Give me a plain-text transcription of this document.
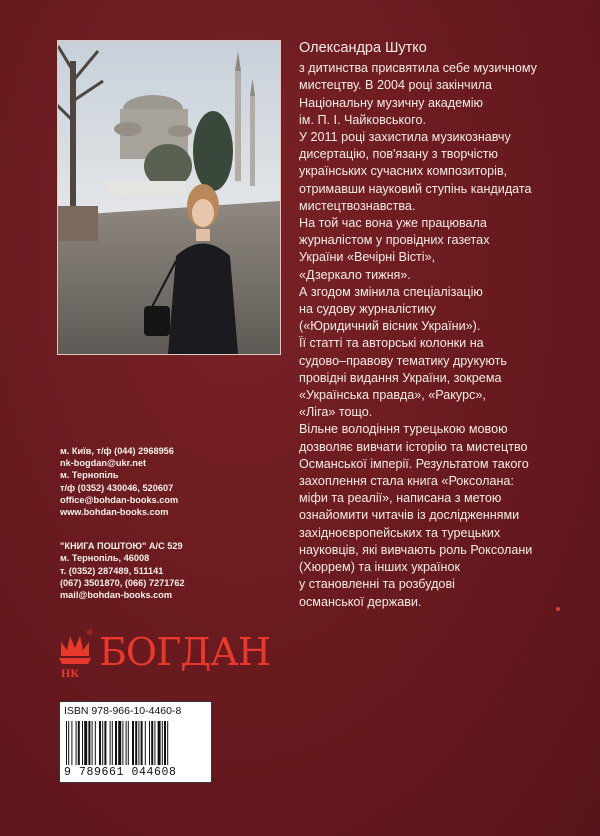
Олександра Шутко

з дитинства присвятила себе музичному

мистецтву. В 2004 році закінчила

Національну музичну академію

ім. П. І. Чайковського.

У 2011 році захистила музикознавчу

дисертацію, пов'язану з творчістю

українських сучасних композиторів,

отримавши науковий ступінь кандидата

мистецтвознавства.

На той час вона уже працювала

журналістом у провідних газетах

України «Вечірні Вісті»,

«Дзеркало тижня».

А згодом змінила спеціалізацію

на судову журналістику

(«Юридичний вісник України»).

Її статті та авторські колонки на

судово–правову тематику друкують

провідні видання України, зокрема

«Українська правда», «Ракурс»,

«Ліга» тощо.

Вільне володіння турецькою мовою

дозволяє вивчати історію та мистецтво

Османської імперії. Результатом такого

захоплення стала книга «Роксолана:

міфи та реалії», написана з метою

ознайомити читачів із дослідженнями

західноєвропейських та турецьких

науковців, які вивчають роль Роксолани

(Хюррем) та інших українок

у становленні та розбудові

османської держави.

м. Київ, т/ф (044) 2968956
nk-bogdan@ukr.net
м. Тернопіль
т/ф (0352) 430046, 520607
office@bohdan-books.com
www.bohdan-books.com
"КНИГА ПОШТОЮ" А/С 529
м. Тернопіль, 46008
т. (0352) 287489, 511141
(067) 3501870, (066) 7271762
mail@bohdan-books.com
НК
® БОГДАН
ISBN 978-966-10-4460-8
9 789661 044608
